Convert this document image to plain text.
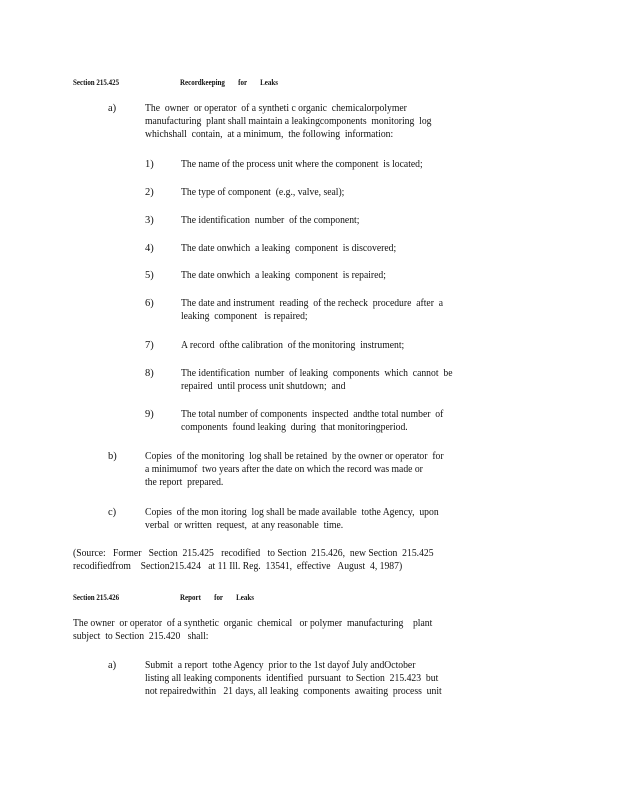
Section 215.425	Recordkeeping for Leaks
a)	The  owner  or operator  of a syntheti c organic  chemicalorpolymer
manufacturing  plant shall maintain a leakingcomponents  monitoring  log
whichshall  contain,  at a minimum,  the following  information:
1)	The name of the process unit where the component  is located;
2)	The type of component  (e.g., valve, seal);
3)	The identification  number  of the component;
4)	The date onwhich  a leaking  component  is discovered;
5)	The date onwhich  a leaking  component  is repaired;
6)	The date and instrument  reading  of the recheck  procedure  after  a
leaking  component   is repaired;
7)	A record  ofthe calibration  of the monitoring  instrument;
8)	The identification  number  of leaking  components  which  cannot  be
repaired  until process unit shutdown;  and
9)	The total number of components  inspected  andthe total number  of
components  found leaking  during  that monitoringperiod.
b)	Copies  of the monitoring  log shall be retained  by the owner or operator  for
a minimumof  two years after the date on which the record was made or
the report  prepared.
c)	Copies  of the mon itoring  log shall be made available  tothe Agency,  upon
verbal  or written  request,  at any reasonable  time.
(Source:   Former   Section  215.425   recodified   to Section  215.426,  new Section  215.425
recodifiedfrom    Section215.424   at 11 Ill. Reg.  13541,  effective   August  4, 1987)
Section 215.426	Report for Leaks
The owner  or operator  of a synthetic  organic  chemical   or polymer  manufacturing    plant
subject  to Section  215.420   shall:
a)	Submit  a report  tothe Agency  prior to the 1st dayof July andOctober
listing all leaking components  identified  pursuant  to Section  215.423  but
not repairedwithin   21 days, all leaking  components  awaiting  process  unit
